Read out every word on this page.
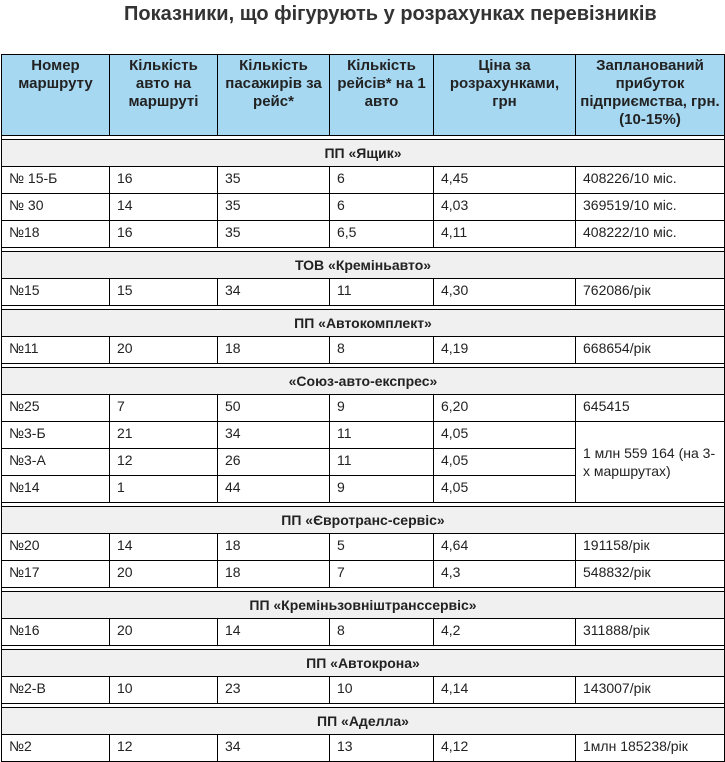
Показники, що фігурують у розрахунках перевізників
Номер маршруту	Кількість авто на маршруті	Кількість пасажирів за рейс*	Кількість рейсів* на 1 авто	Ціна за розрахунками, грн	Запланований прибуток підприємства, грн. (10-15%)

ПП «Ящик»					
№ 15-Б	16	35	6	4,45	408226/10 міс.
№ 30	14	35	6	4,03	369519/10 міс.
№18	16	35	6,5	4,11	408222/10 міс.

ТОВ «Кремiньавто»					
№15	15	34	11	4,30	762086/рік

ПП «Автокомплект»					
№11	20	18	8	4,19	668654/рік

«Союз-авто-експрес»					
№25	7	50	9	6,20	645415
№3-Б	21	34	11	4,05	1 млн 559 164 (на 3-х маршрутах)
№3-А	12	26	11	4,05	
№14	1	44	9	4,05	

ПП «Євротранс-сервіс»					
№20	14	18	5	4,64	191158/рік
№17	20	18	7	4,3	548832/рік

ПП «Кремiньзовнiштранссервiс»					
№16	20	14	8	4,2	311888/рік

ПП «Автокрона»					
№2-В	10	23	10	4,14	143007/рік

ПП «Аделла»					
№2	12	34	13	4,12	1млн 185238/рік
